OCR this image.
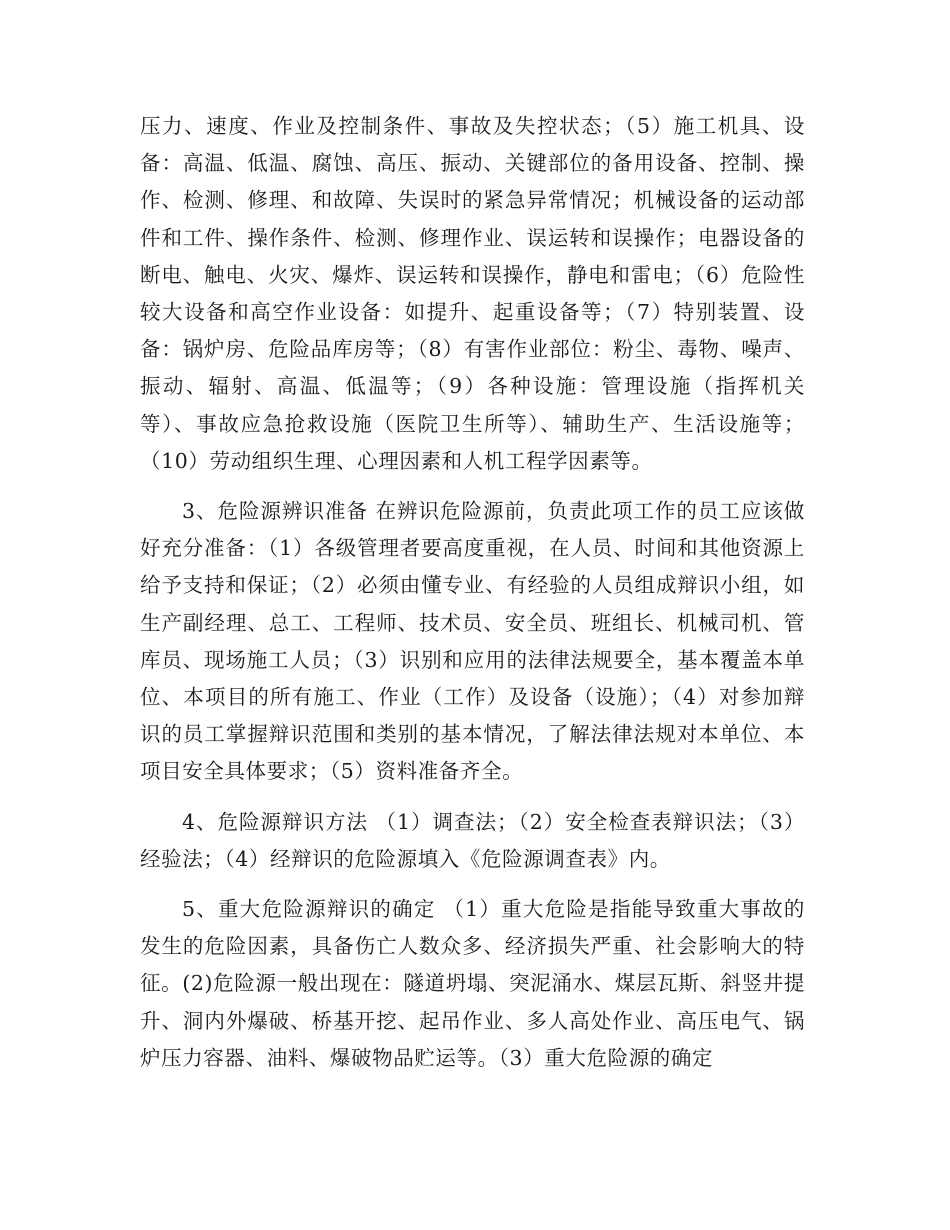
压力、速度、作业及控制条件、事故及失控状态；（5）施工机具、设备：高温、低温、腐蚀、高压、振动、关键部位的备用设备、控制、操作、检测、修理、和故障、失误时的紧急异常情况；机械设备的运动部件和工件、操作条件、检测、修理作业、误运转和误操作；电器设备的断电、触电、火灾、爆炸、误运转和误操作，静电和雷电；（6）危险性较大设备和高空作业设备：如提升、起重设备等；（7）特别装置、设备：锅炉房、危险品库房等；（8）有害作业部位：粉尘、毒物、噪声、振动、辐射、高温、低温等；（9）各种设施：管理设施（指挥机关等）、事故应急抢救设施（医院卫生所等）、辅助生产、生活设施等；（10）劳动组织生理、心理因素和人机工程学因素等。

3、危险源辨识准备 在辨识危险源前，负责此项工作的员工应该做好充分准备：（1）各级管理者要高度重视，在人员、时间和其他资源上给予支持和保证；（2）必须由懂专业、有经验的人员组成辩识小组，如生产副经理、总工、工程师、技术员、安全员、班组长、机械司机、管库员、现场施工人员；（3）识别和应用的法律法规要全，基本覆盖本单位、本项目的所有施工、作业（工作）及设备（设施）；（4）对参加辩识的员工掌握辩识范围和类别的基本情况，了解法律法规对本单位、本项目安全具体要求；（5）资料准备齐全。

4、危险源辩识方法 （1）调查法；（2）安全检查表辩识法；（3）经验法；（4）经辩识的危险源填入《危险源调查表》内。

5、重大危险源辩识的确定 （1）重大危险是指能导致重大事故的发生的危险因素，具备伤亡人数众多、经济损失严重、社会影响大的特征。(2)危险源一般出现在：隧道坍塌、突泥涌水、煤层瓦斯、斜竖井提升、洞内外爆破、桥基开挖、起吊作业、多人高处作业、高压电气、锅炉压力容器、油料、爆破物品贮运等。（3）重大危险源的确定
